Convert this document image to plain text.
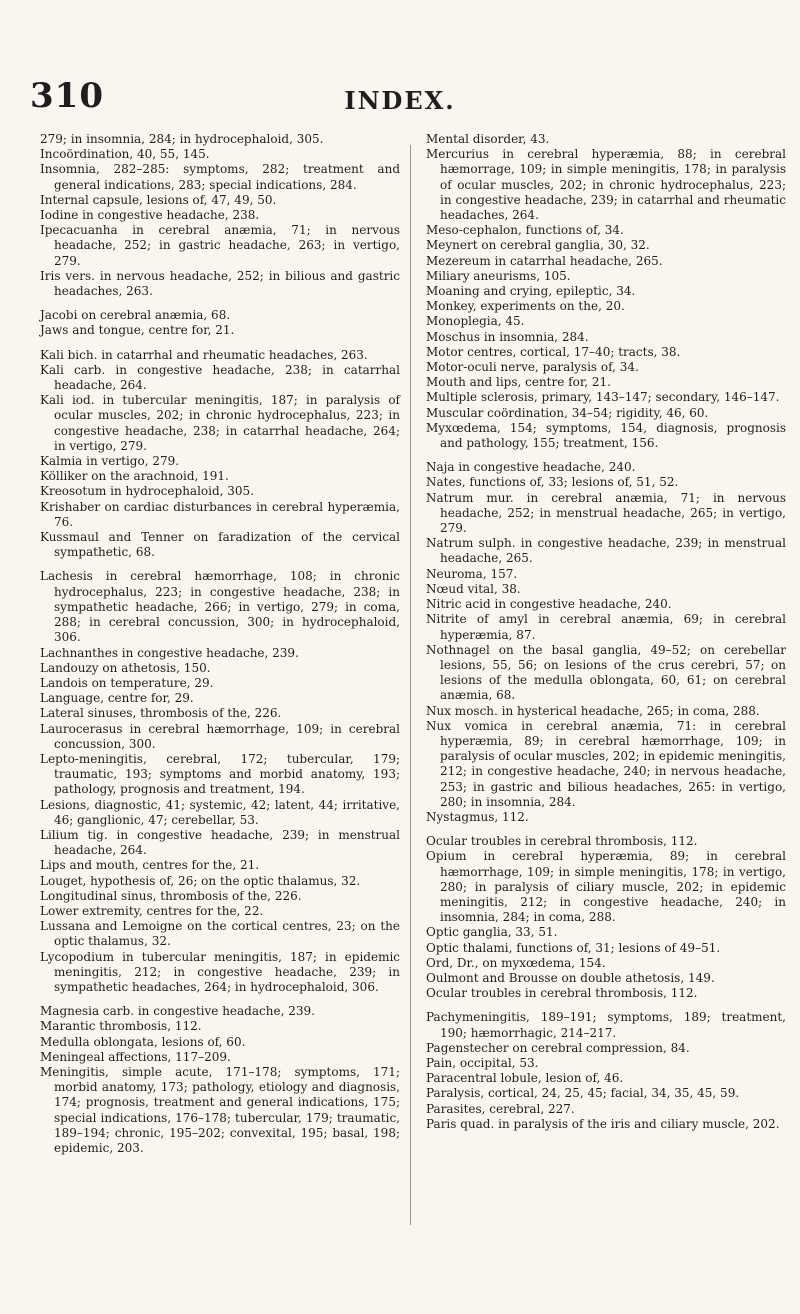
310	INDEX.

279; in insomnia, 284; in hydrocephaloid, 305.

Incoördination, 40, 55, 145.

Insomnia, 282–285: symptoms, 282; treatment and general indications, 283; special indications, 284.

Internal capsule, lesions of, 47, 49, 50.

Iodine in congestive headache, 238.

Ipecacuanha in cerebral anæmia, 71; in nervous headache, 252; in gastric headache, 263; in vertigo, 279.

Iris vers. in nervous headache, 252; in bilious and gastric headaches, 263.

Jacobi on cerebral anæmia, 68.

Jaws and tongue, centre for, 21.

Kali bich. in catarrhal and rheumatic headaches, 263.

Kali carb. in congestive headache, 238; in catarrhal headache, 264.

Kali iod. in tubercular meningitis, 187; in paralysis of ocular muscles, 202; in chronic hydrocephalus, 223; in congestive headache, 238; in catarrhal headache, 264; in vertigo, 279.

Kalmia in vertigo, 279.

Kölliker on the arachnoid, 191.

Kreosotum in hydrocephaloid, 305.

Krishaber on cardiac disturbances in cerebral hyperæmia, 76.

Kussmaul and Tenner on faradization of the cervical sympathetic, 68.

Lachesis in cerebral hæmorrhage, 108; in chronic hydrocephalus, 223; in congestive headache, 238; in sympathetic headache, 266; in vertigo, 279; in coma, 288; in cerebral concussion, 300; in hydrocephaloid, 306.

Lachnanthes in congestive headache, 239.

Landouzy on athetosis, 150.

Landois on temperature, 29.

Language, centre for, 29.

Lateral sinuses, thrombosis of the, 226.

Laurocerasus in cerebral hæmorrhage, 109; in cerebral concussion, 300.

Lepto-meningitis, cerebral, 172; tubercular, 179; traumatic, 193; symptoms and morbid anatomy, 193; pathology, prognosis and treatment, 194.

Lesions, diagnostic, 41; systemic, 42; latent, 44; irritative, 46; ganglionic, 47; cerebellar, 53.

Lilium tig. in congestive headache, 239; in menstrual headache, 264.

Lips and mouth, centres for the, 21.

Louget, hypothesis of, 26; on the optic thalamus, 32.

Longitudinal sinus, thrombosis of the, 226.

Lower extremity, centres for the, 22.

Lussana and Lemoigne on the cortical centres, 23; on the optic thalamus, 32.

Lycopodium in tubercular meningitis, 187; in epidemic meningitis, 212; in congestive headache, 239; in sympathetic headaches, 264; in hydrocephaloid, 306.

Magnesia carb. in congestive headache, 239.

Marantic thrombosis, 112.

Medulla oblongata, lesions of, 60.

Meningeal affections, 117–209.

Meningitis, simple acute, 171–178; symptoms, 171; morbid anatomy, 173; pathology, etiology and diagnosis, 174; prognosis, treatment and general indications, 175; special indications, 176–178; tubercular, 179; traumatic, 189–194; chronic, 195–202; convexital, 195; basal, 198; epidemic, 203.

Mental disorder, 43.

Mercurius in cerebral hyperæmia, 88; in cerebral hæmorrage, 109; in simple meningitis, 178; in paralysis of ocular muscles, 202; in chronic hydrocephalus, 223; in congestive headache, 239; in catarrhal and rheumatic headaches, 264.

Meso-cephalon, functions of, 34.

Meynert on cerebral ganglia, 30, 32.

Mezereum in catarrhal headache, 265.

Miliary aneurisms, 105.

Moaning and crying, epileptic, 34.

Monkey, experiments on the, 20.

Monoplegia, 45.

Moschus in insomnia, 284.

Motor centres, cortical, 17–40; tracts, 38.

Motor-oculi nerve, paralysis of, 34.

Mouth and lips, centre for, 21.

Multiple sclerosis, primary, 143–147; secondary, 146–147.

Muscular coördination, 34–54; rigidity, 46, 60.

Myxœdema, 154; symptoms, 154, diagnosis, prognosis and pathology, 155; treatment, 156.

Naja in congestive headache, 240.

Nates, functions of, 33; lesions of, 51, 52.

Natrum mur. in cerebral anæmia, 71; in nervous headache, 252; in menstrual headache, 265; in vertigo, 279.

Natrum sulph. in congestive headache, 239; in menstrual headache, 265.

Neuroma, 157.

Nœud vital, 38.

Nitric acid in congestive headache, 240.

Nitrite of amyl in cerebral anæmia, 69; in cerebral hyperæmia, 87.

Nothnagel on the basal ganglia, 49–52; on cerebellar lesions, 55, 56; on lesions of the crus cerebri, 57; on lesions of the medulla oblongata, 60, 61; on cerebral anæmia, 68.

Nux mosch. in hysterical headache, 265; in coma, 288.

Nux vomica in cerebral anæmia, 71: in cerebral hyperæmia, 89; in cerebral hæmorrhage, 109; in paralysis of ocular muscles, 202; in epidemic meningitis, 212; in congestive headache, 240; in nervous headache, 253; in gastric and bilious headaches, 265: in vertigo, 280; in insomnia, 284.

Nystagmus, 112.

Ocular troubles in cerebral thrombosis, 112.

Opium in cerebral hyperæmia, 89; in cerebral hæmorrhage, 109; in simple meningitis, 178; in vertigo, 280; in paralysis of ciliary muscle, 202; in epidemic meningitis, 212; in congestive headache, 240; in insomnia, 284; in coma, 288.

Optic ganglia, 33, 51.

Optic thalami, functions of, 31; lesions of 49–51.

Ord, Dr., on myxœdema, 154.

Oulmont and Brousse on double athetosis, 149.

Ocular troubles in cerebral thrombosis, 112.

Pachymeningitis, 189–191; symptoms, 189; treatment, 190; hæmorrhagic, 214–217.

Pagenstecher on cerebral compression, 84.

Pain, occipital, 53.

Paracentral lobule, lesion of, 46.

Paralysis, cortical, 24, 25, 45; facial, 34, 35, 45, 59.

Parasites, cerebral, 227.

Paris quad. in paralysis of the iris and ciliary muscle, 202.
